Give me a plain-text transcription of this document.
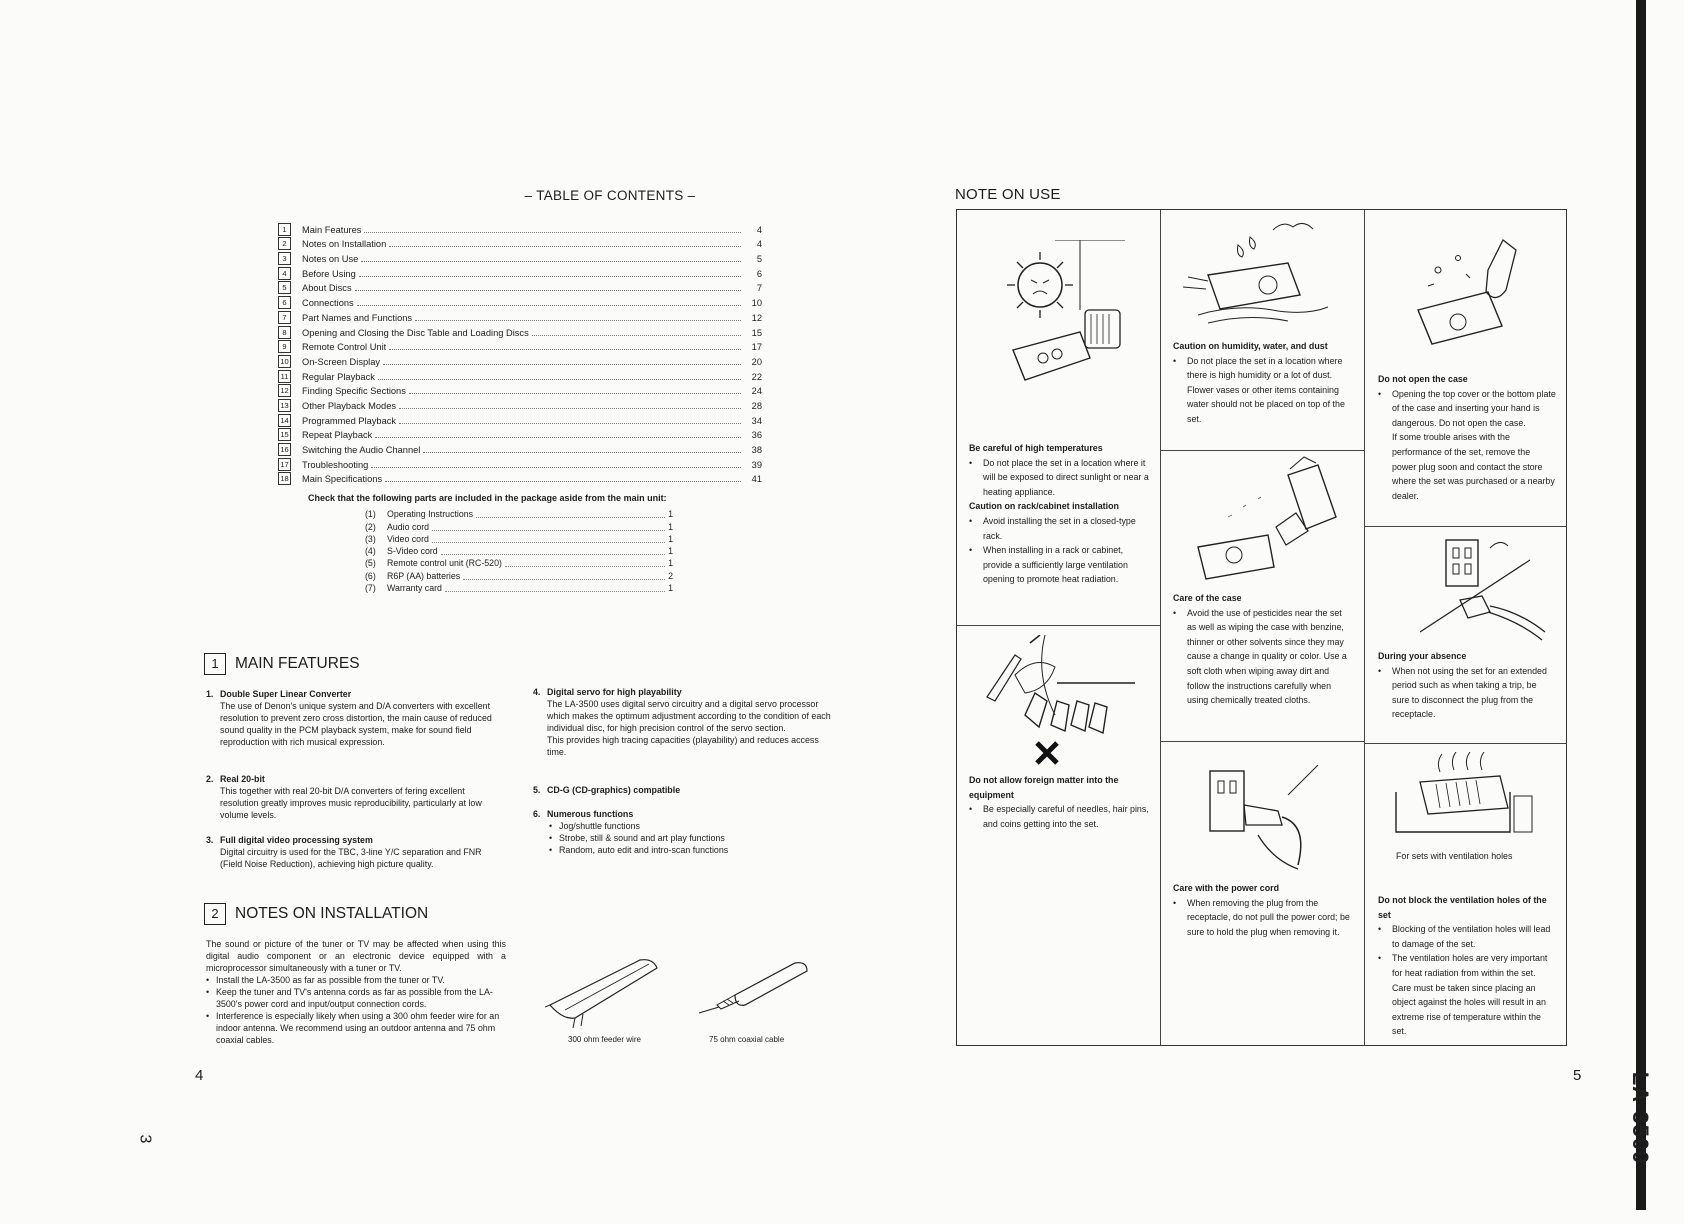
– TABLE OF CONTENTS –
1	Main Features	4
2	Notes on Installation	4
3	Notes on Use	5
4	Before Using	6
5	About Discs	7
6	Connections	10
7	Part Names and Functions	12
8	Opening and Closing the Disc Table and Loading Discs	15
9	Remote Control Unit	17
10 On-Screen Display	20
11 Regular Playback	22
12 Finding Specific Sections	24
13 Other Playback Modes	28
14 Programmed Playback	34
15 Repeat Playback	36
16 Switching the Audio Channel	38
17 Troubleshooting	39
18 Main Specifications	41
Check that the following parts are included in the package aside from the main unit:
(1)	Operating Instructions	1
(2)	Audio cord	1
(3)	Video cord	1
(4)	S-Video cord	1
(5)	Remote control unit (RC-520)	1
(6)	R6P (AA) batteries	2
(7)	Warranty card	1
1	MAIN FEATURES
1. Double Super Linear Converter

The use of Denon's unique system and D/A converters with excellent resolution to prevent zero cross distortion, the main cause of reduced sound quality in the PCM playback system, make for sound field reproduction with rich musical expression.

2. Real 20-bit

This together with real 20-bit D/A converters of fering excellent resolution greatly improves music reproducibility, particularly at low volume levels.

3. Full digital video processing system

Digital circuitry is used for the TBC, 3-line Y/C separation and FNR (Field Noise Reduction), achieving high picture quality.

4. Digital servo for high playability

The LA-3500 uses digital servo circuitry and a digital servo processor which makes the optimum adjustment according to the condition of each individual disc, for high precision control of the servo section.

This provides high tracing capacities (playability) and reduces access time.

5. CD-G (CD-graphics) compatible
6. Numerous functions
• Jog/shuttle functions
• Strobe, still & sound and art play functions
• Random, auto edit and intro-scan functions
2	NOTES ON INSTALLATION

The sound or picture of the tuner or TV may be affected when using this digital audio component or an electronic device equipped with a microprocessor simultaneously with a tuner or TV.

• Install the LA-3500 as far as possible from the tuner or TV.
• Keep the tuner and TV's antenna cords as far as possible from the LA-3500's power cord and input/output connection cords.
• Interference is especially likely when using a 300 ohm feeder wire for an indoor antenna. We recommend using an outdoor antenna and 75 ohm coaxial cables.	300 ohm feeder wire	75 ohm coaxial cable
4
3
NOTE ON USE
Be careful of high temperatures
• Do not place the set in a location where it will be exposed to direct sunlight or near a heating appliance.
Caution on rack/cabinet installation
• Avoid installing the set in a closed-type rack.
• When installing in a rack or cabinet, provide a sufficiently large ventilation opening to promote heat radiation.
Do not allow foreign matter into the equipment
• Be especially careful of needles, hair pins, and coins getting into the set.
Caution on humidity, water, and dust
• Do not place the set in a location where there is high humidity or a lot of dust.

Flower vases or other items containing water should not be placed on top of the set.

Care of the case
• Avoid the use of pesticides near the set as well as wiping the case with benzine, thinner or other solvents since they may cause a change in quality or color. Use a soft cloth when wiping away dirt and follow the instructions carefully when using chemically treated cloths.
Care with the power cord
• When removing the plug from the receptacle, do not pull the power cord; be sure to hold the plug when removing it.
Do not open the case
• Opening the top cover or the bottom plate of the case and inserting your hand is dangerous. Do not open the case.

If some trouble arises with the performance of the set, remove the power plug soon and contact the store where the set was purchased or a nearby dealer.

During your absence
• When not using the set for an extended period such as when taking a trip, be sure to disconnect the plug from the receptacle.
For sets with ventilation holes
Do not block the ventilation holes of the set
• Blocking of the ventilation holes will lead to damage of the set.
• The ventilation holes are very important for heat radiation from within the set. Care must be taken since placing an object against the holes will result in an extreme rise of temperature within the set.
5 LA-3500
